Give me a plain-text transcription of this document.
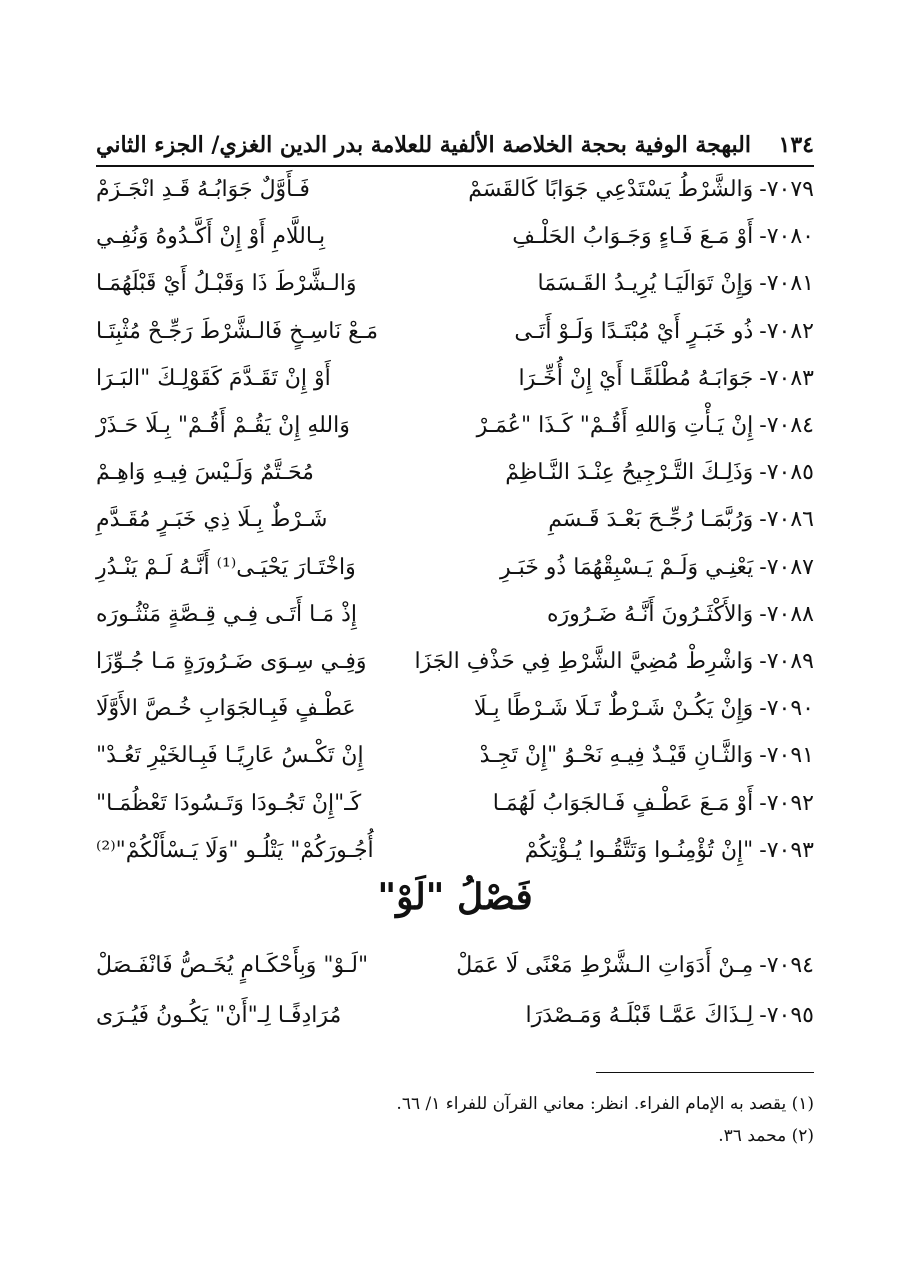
١٣٤
البهجة الوفية بحجة الخلاصة الألفية للعلامة بدر الدين الغزي/ الجزء الثاني
٧٠٧٩-
وَالشَّرْطُ يَسْتَدْعِي جَوَابًا كَالقَسَمْ
فَـأَوَّلٌ جَوَابُـهُ قَـدِ انْجَـزَمْ
٧٠٨٠-
أَوْ مَـعَ فَـاءٍ وَجَـوَابُ الحَلْـفِ
بِـاللَّامِ أَوْ إِنْ أَكَّـدُوهُ وَنُفِـي
٧٠٨١-
وَإِنْ تَوَالَيَـا يُرِيـدُ القَـسَمَا
وَالـشَّرْطَ ذَا وَقَبْـلُ أَيْ قَبْلَهُمَـا
٧٠٨٢-
ذُو خَبَـرٍ أَيْ مُبْتَـدًا وَلَـوْ أَتَـى
مَـعْ نَاسِـخٍ فَالـشَّرْطَ رَجِّـحْ مُثْبِتَـا
٧٠٨٣-
جَوَابَـهُ مُطْلَقًـا أَيْ إِنْ أُخِّـرَا
أَوْ إِنْ تَقَـدَّمَ كَقَوْلِـكَ "البَـرَا
٧٠٨٤-
إِنْ يَـأْتِ وَاللهِ أَقُـمْ" كَـذَا "عُمَـرْ
وَاللهِ إِنْ يَقُـمْ أَقُـمْ" بِـلَا حَـذَرْ
٧٠٨٥-
وَذَلِـكَ التَّـرْجِيحُ عِنْـدَ النَّـاظِمْ
مُحَـتَّمٌ وَلَـيْسَ فِيـهِ وَاهِـمْ
٧٠٨٦-
وَرُبَّمَـا رُجِّـحَ بَعْـدَ قَـسَمِ
شَـرْطٌ بِـلَا ذِي خَبَـرٍ مُقَـدَّمِ
٧٠٨٧-
يَعْنِـي وَلَـمْ يَـسْبِقْهُمَا ذُو خَبَـرِ
وَاخْتَـارَ يَحْيَـى⁽¹⁾ أَنَّـهُ لَـمْ يَنْـدُرِ
٧٠٨٨-
وَالأَكْثَـرُونَ أَنَّـهُ ضَـرُورَه
إِذْ مَـا أَتَـى فِـي قِـصَّةٍ مَنْثُـورَه
٧٠٨٩-
وَاشْرِطْ مُضِيَّ الشَّرْطِ فِي حَذْفِ الجَزَا
وَفِـي سِـوَى ضَـرُورَةٍ مَـا جُـوِّزَا
٧٠٩٠-
وَإِنْ يَكُـنْ شَـرْطٌ تَـلَا شَـرْطًا بِـلَا
عَطْـفٍ فَبِـالجَوَابِ خُـصَّ الأَوَّلَا
٧٠٩١-
وَالثَّـانِ قَيْـدٌ فِيـهِ نَحْـوُ "إِنْ تَجِـدْ
إِنْ تَكْـسُ عَارِيًـا فَبِـالخَيْرِ تَعُـدْ"
٧٠٩٢-
أَوْ مَـعَ عَطْـفٍ فَـالجَوَابُ لَهُمَـا
كَـ"إِنْ تَجُـودَا وَتَـسُودَا تَعْظُمَـا"
٧٠٩٣-
"إِنْ تُؤْمِنُـوا وَتَتَّقُـوا يُـؤْتِكُمْ
أُجُـورَكُمْ" يَتْلُـو "وَلَا يَـسْأَلْكُمْ"⁽²⁾
فَصْلُ "لَوْ"
٧٠٩٤-
مِـنْ أَدَوَاتِ الـشَّرْطِ مَعْنًى لَا عَمَلْ
"لَـوْ" وَبِأَحْكَـامٍ يُخَـصُّ فَانْفَـصَلْ
٧٠٩٥-
لِـذَاكَ عَمَّـا قَبْلَـهُ وَمَـصْدَرَا
مُرَادِفًـا لِـ"أَنْ" يَكُـونُ فَيُـرَى
(١) يقصد به الإمام الفراء. انظر: معاني القرآن للفراء ١/ ٦٦.
(٢) محمد ٣٦.
